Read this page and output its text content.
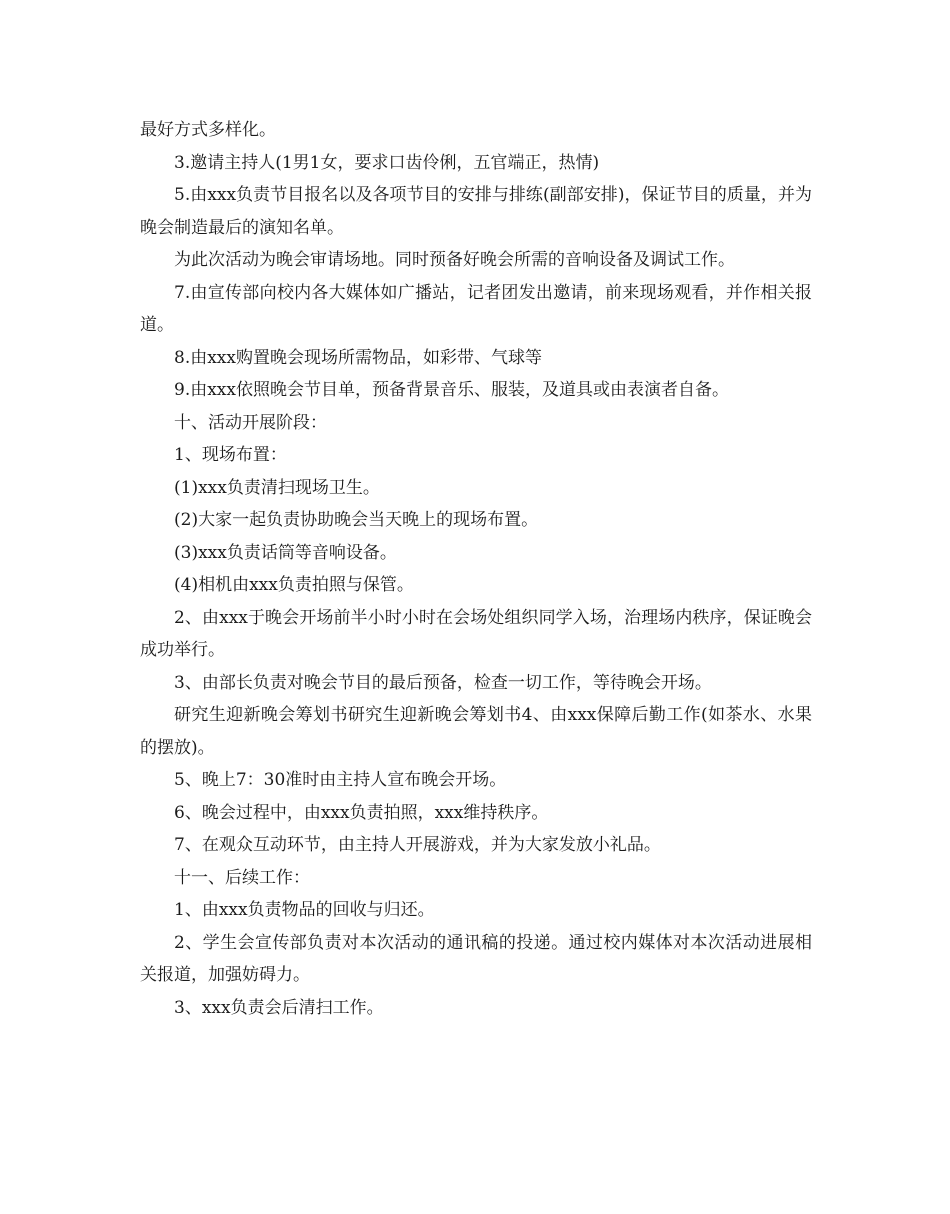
最好方式多样化。

3.邀请主持人(1男1女，要求口齿伶俐，五官端正，热情)

5.由xxx负责节目报名以及各项节目的安排与排练(副部安排)，保证节目的质量，并为晚会制造最后的演知名单。

为此次活动为晚会审请场地。同时预备好晚会所需的音响设备及调试工作。

7.由宣传部向校内各大媒体如广播站，记者团发出邀请，前来现场观看，并作相关报道。

8.由xxx购置晚会现场所需物品，如彩带、气球等

9.由xxx依照晚会节目单，预备背景音乐、服装，及道具或由表演者自备。

十、活动开展阶段：

1、现场布置：

(1)xxx负责清扫现场卫生。

(2)大家一起负责协助晚会当天晚上的现场布置。

(3)xxx负责话筒等音响设备。

(4)相机由xxx负责拍照与保管。

2、由xxx于晚会开场前半小时小时在会场处组织同学入场，治理场内秩序，保证晚会成功举行。

3、由部长负责对晚会节目的最后预备，检查一切工作，等待晚会开场。

研究生迎新晚会筹划书研究生迎新晚会筹划书4、由xxx保障后勤工作(如茶水、水果的摆放)。

5、晚上7：30准时由主持人宣布晚会开场。

6、晚会过程中，由xxx负责拍照，xxx维持秩序。

7、在观众互动环节，由主持人开展游戏，并为大家发放小礼品。

十一、后续工作：

1、由xxx负责物品的回收与归还。

2、学生会宣传部负责对本次活动的通讯稿的投递。通过校内媒体对本次活动进展相关报道，加强妨碍力。

3、xxx负责会后清扫工作。
